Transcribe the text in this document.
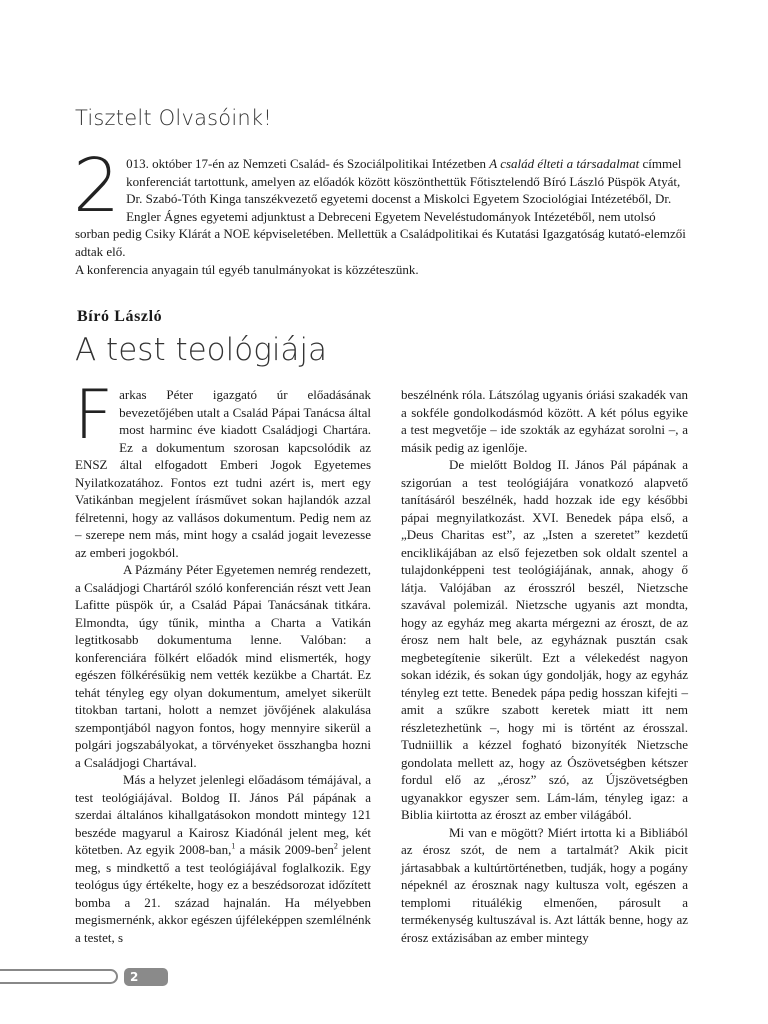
Tisztelt Olvasóink!

2 013. október 17-én az Nemzeti Család- és Szociálpolitikai Intézetben A család élteti a társadalmat címmel konferenciát tartottunk, amelyen az előadók között köszönthettük Főtisztelendő Bíró László Püspök Atyát, Dr. Szabó-Tóth Kinga tanszékvezető egyetemi docenst a Miskolci Egyetem Szociológiai Intézetéből, Dr. Engler Ágnes egyetemi adjunktust a Debreceni Egyetem Neveléstudományok Intézetéből, nem utolsó sorban pedig Csiky Klárát a NOE képviseletében. Mellettük a Családpolitikai és Kutatási Igazgatóság kutató-elemzői adtak elő.
A konferencia anyagain túl egyéb tanulmányokat is közzéteszünk.

Bíró László
A test teológiája

Farkas Péter igazgató úr előadásának bevezetőjében utalt a Család Pápai Tanácsa által most harminc éve kiadott Családjogi Chartára. Ez a dokumentum szorosan kapcsolódik az ENSZ által elfogadott Emberi Jogok Egyetemes Nyilatkozatához. Fontos ezt tudni azért is, mert egy Vatikánban megjelent írásművet sokan hajlandók azzal félretenni, hogy az vallásos dokumentum. Pedig nem az – szerepe nem más, mint hogy a család jogait levezesse az emberi jogokból.

A Pázmány Péter Egyetemen nemrég rendezett, a Családjogi Chartáról szóló konferencián részt vett Jean Lafitte püspök úr, a Család Pápai Tanácsának titkára. Elmondta, úgy tűnik, mintha a Charta a Vatikán legtitkosabb dokumentuma lenne. Valóban: a konferenciára fölkért előadók mind elismerték, hogy egészen fölkérésükig nem vették kezükbe a Chartát. Ez tehát tényleg egy olyan dokumentum, amelyet sikerült titokban tartani, holott a nemzet jövőjének alakulása szempontjából nagyon fontos, hogy mennyire sikerül a polgári jogszabályokat, a törvényeket összhangba hozni a Családjogi Chartával.

Más a helyzet jelenlegi előadásom témájával, a test teológiájával. Boldog II. János Pál pápának a szerdai általános kihallgatásokon mondott mintegy 121 beszéde magyarul a Kairosz Kiadónál jelent meg, két kötetben. Az egyik 2008-ban,$^1$ a másik 2009-ben$^2$ jelent meg, s mindkettő a test teológiájával foglalkozik. Egy teológus úgy értékelte, hogy ez a beszédsorozat időzített bomba a 21. század hajnalán. Ha mélyebben megismernénk, akkor egészen újféleképpen szemlélnénk a testet, s

beszélnénk róla. Látszólag ugyanis óriási szakadék van a sokféle gondolkodásmód között. A két pólus egyike a test megvetője – ide szokták az egyházat sorolni –, a másik pedig az igenlője.

De mielőtt Boldog II. János Pál pápának a szigorúan a test teológiájára vonatkozó alapvető tanításáról beszélnék, hadd hozzak ide egy későbbi pápai megnyilatkozást. XVI. Benedek pápa első, a „Deus Charitas est”, az „Isten a szeretet” kezdetű enciklikájában az első fejezetben sok oldalt szentel a tulajdonképpeni test teológiájának, annak, ahogy ő látja. Valójában az érosszról beszél, Nietzsche szavával polemizál. Nietzsche ugyanis azt mondta, hogy az egyház meg akarta mérgezni az éroszt, de az érosz nem halt bele, az egyháznak pusztán csak megbetegítenie sikerült. Ezt a vélekedést nagyon sokan idézik, és sokan úgy gondolják, hogy az egyház tényleg ezt tette. Benedek pápa pedig hosszan kifejti – amit a szűkre szabott keretek miatt itt nem részletezhetünk –, hogy mi is történt az érosszal. Tudniillik a kézzel fogható bizonyíték Nietzsche gondolata mellett az, hogy az Ószövetségben kétszer fordul elő az „érosz” szó, az Újszövetségben ugyanakkor egyszer sem. Lám-lám, tényleg igaz: a Biblia kiirtotta az éroszt az ember világából.

Mi van e mögött? Miért irtotta ki a Bibliából az érosz szót, de nem a tartalmát? Akik picit jártasabbak a kultúrtörténetben, tudják, hogy a pogány népeknél az érosznak nagy kultusza volt, egészen a templomi rituálékig elmenően, párosult a termékenység kultuszával is. Azt látták benne, hogy az érosz extázisában az ember mintegy

2
